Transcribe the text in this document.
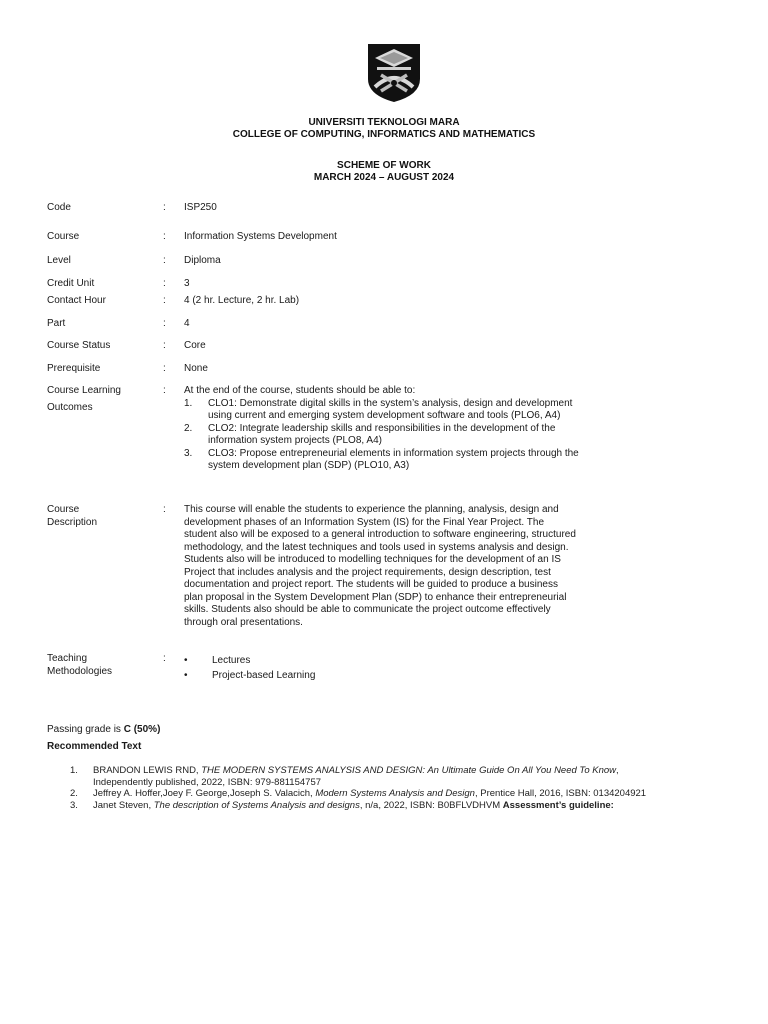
UNIVERSITI TEKNOLOGI MARA
COLLEGE OF COMPUTING, INFORMATICS AND MATHEMATICS
SCHEME OF WORK
MARCH 2024 – AUGUST 2024
Code	: ISP250
Course	: Information Systems Development
Level	: Diploma
Credit Unit	: 3
Contact Hour	: 4 (2 hr. Lecture, 2 hr. Lab)
Part	: 4
Course Status	: Core
Prerequisite	: None
Course Learning
Outcomes
: At the end of the course, students should be able to:
1. CLO1: Demonstrate digital skills in the system’s analysis, design and development using current and emerging system development software and tools (PLO6, A4)
2. CLO2: Integrate leadership skills and responsibilities in the development of the information system projects (PLO8, A4)
3. CLO3: Propose entrepreneurial elements in information system projects through the system development plan (SDP) (PLO10, A3)
Course
Description
: This course will enable the students to experience the planning, analysis, design and development phases of an Information System (IS) for the Final Year Project. The student also will be exposed to a general introduction to software engineering, structured methodology, and the latest techniques and tools used in systems analysis and design. Students also will be introduced to modelling techniques for the development of an IS Project that includes analysis and the project requirements, design description, test documentation and project report. The students will be guided to produce a business plan proposal in the System Development Plan (SDP) to enhance their entrepreneurial skills. Students also should be able to communicate the project outcome effectively through oral presentations.
Teaching
Methodologies
: • Lectures
• Project-based Learning
Passing grade is C (50%)
Recommended Text
1. BRANDON LEWIS RND, THE MODERN SYSTEMS ANALYSIS AND DESIGN: An Ultimate Guide On All You Need To Know, Independently published, 2022, ISBN: 979-881154757
2. Jeffrey A. Hoffer,Joey F. George,Joseph S. Valacich, Modern Systems Analysis and Design, Prentice Hall, 2016, ISBN: 0134204921
3. Janet Steven, The description of Systems Analysis and designs, n/a, 2022, ISBN: B0BFLVDHVM Assessment’s guideline:
